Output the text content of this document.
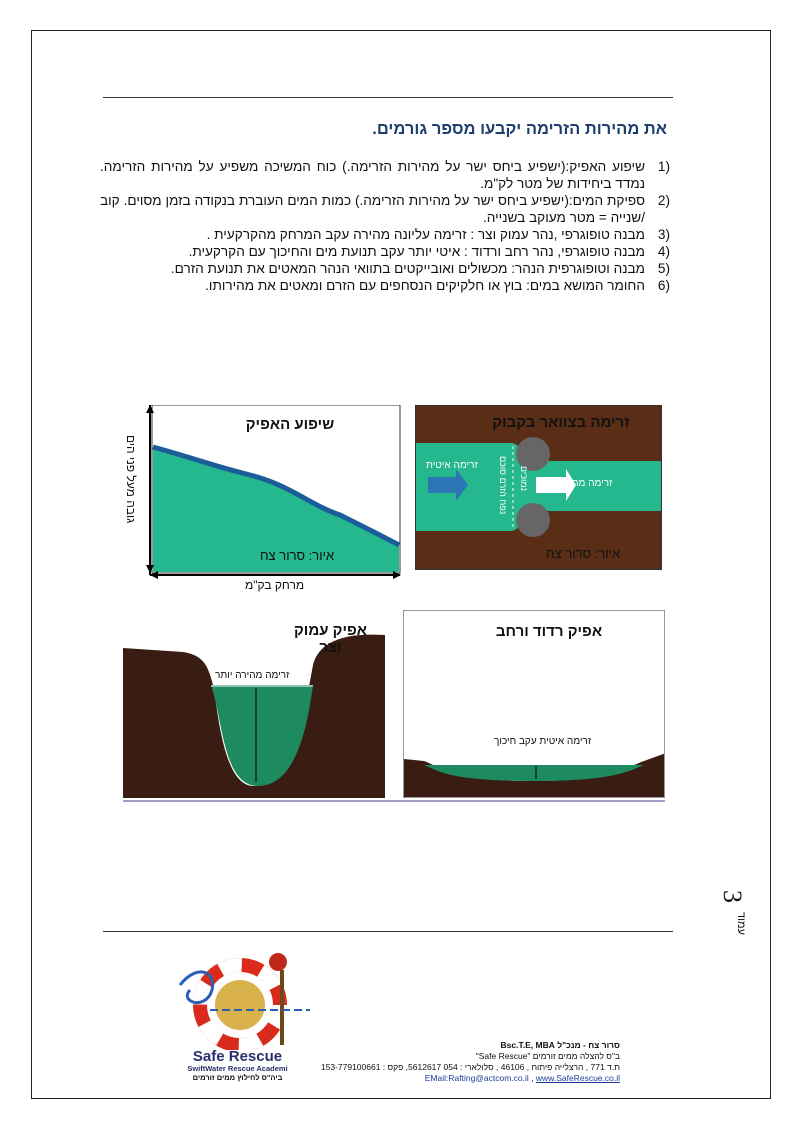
את מהירות הזרימה יקבעו מספר גורמים.
1)
שיפוע האפיק:(ישפיע ביחס ישר על מהירות הזרימה.) כוח המשיכה משפיע על מהירות הזרימה. נמדד ביחידות של מטר לק"מ.
2)
ספיקת המים:(ישפיע ביחס ישר על מהירות הזרימה.) כמות המים העוברת בנקודה בזמן מסוים. קוב /שנייה = מטר מעוקב בשנייה.
3)
מבנה טופוגרפי ,נהר עמוק וצר : זרימה עליונה מהירה עקב המרחק מהקרקעית .
4)
מבנה טופוגרפי, נהר רחב ורדוד : איטי יותר עקב תנועת מים והחיכוך עם הקרקעית.
5)
מבנה וטופוגרפית הנהר: מכשולים ואובייקטים בתוואי הנהר המאטים את תנועת הזרם.
6)
החומר המושא במים: בוץ או חלקיקים הנסחפים עם הזרם ומאטים את מהירותו.
שיפוע האפיק
איור: סרור צח
מרחק בק"מ
גובה מעל פני הים
זרימה בצוואר בקבוק
זרימה איטית
זרימה מהירה יותר
נפח הזרם סוכם נמוכים
איור: סרור צח
אפיק עמוק וצר
זרימה מהירה יותר
אפיק רדוד ורחב
זרימה איטית עקב חיכוך
3
עמוד
Safe Rescue
SwiftWater Rescue Academi
ביה"ס לחילוץ ממים זורמים
סרור צח - מנכ"ל Bsc.T.E, MBA
ב"ס להצלה ממים זורמים "Safe Rescue"
ת.ד 771 , הרצלייה פיתוח , 46106 , סלולארי : 054 5612617, פקס : 153-779100661
EMail:Rafting@actcom.co.il , www.SafeRescue.co.il
